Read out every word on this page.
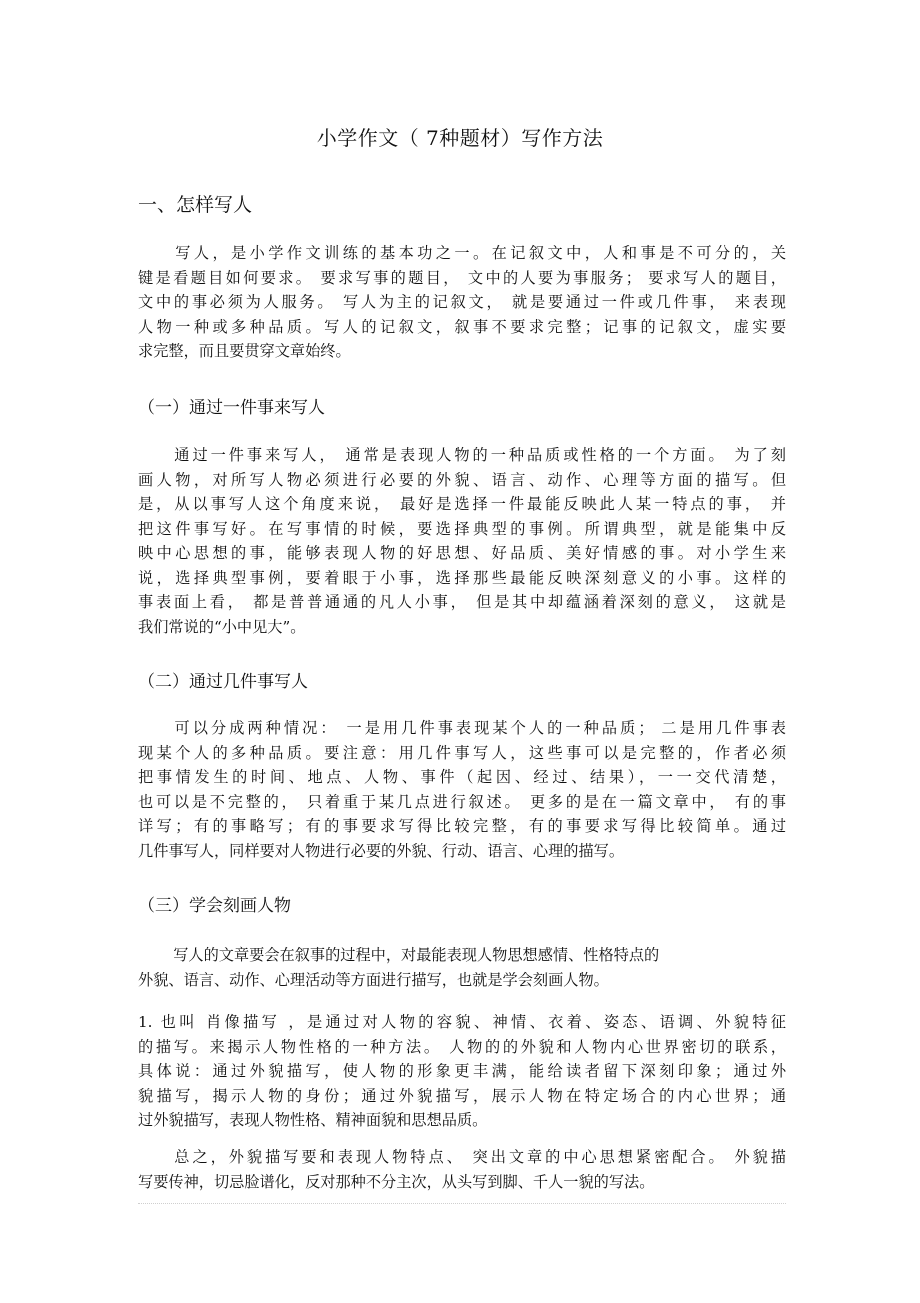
小学作文（ 7种题材）写作方法
一、怎样写人
　　写人，是小学作文训练的基本功之一。在记叙文中，人和事是不可分的，关
键是看题目如何要求。 要求写事的题目， 文中的人要为事服务； 要求写人的题目，
文中的事必须为人服务。 写人为主的记叙文， 就是要通过一件或几件事， 来表现
人物一种或多种品质。写人的记叙文，叙事不要求完整；记事的记叙文，虚实要
求完整，而且要贯穿文章始终。
（一）通过一件事来写人
　　通过一件事来写人， 通常是表现人物的一种品质或性格的一个方面。 为了刻
画人物，对所写人物必须进行必要的外貌、语言、动作、心理等方面的描写。但
是，从以事写人这个角度来说， 最好是选择一件最能反映此人某一特点的事， 并
把这件事写好。在写事情的时候，要选择典型的事例。所谓典型，就是能集中反
映中心思想的事，能够表现人物的好思想、好品质、美好情感的事。对小学生来
说，选择典型事例，要着眼于小事，选择那些最能反映深刻意义的小事。这样的
事表面上看， 都是普普通通的凡人小事， 但是其中却蕴涵着深刻的意义， 这就是
我们常说的“小中见大”。
（二）通过几件事写人
　　可以分成两种情况： 一是用几件事表现某个人的一种品质； 二是用几件事表
现某个人的多种品质。要注意：用几件事写人，这些事可以是完整的，作者必须
把事情发生的时间、地点、人物、事件（起因、经过、结果），一一交代清楚，
也可以是不完整的， 只着重于某几点进行叙述。 更多的是在一篇文章中， 有的事
详写；有的事略写；有的事要求写得比较完整，有的事要求写得比较简单。通过
几件事写人，同样要对人物进行必要的外貌、行动、语言、心理的描写。
（三）学会刻画人物
　　 写人的文章要会在叙事的过程中，对最能表现人物思想感情、性格特点的
外貌、语言、动作、心理活动等方面进行描写，也就是学会刻画人物。
1. 也叫 肖像描写 ，是通过对人物的容貌、神情、衣着、姿态、语调、外貌特征
的描写。来揭示人物性格的一种方法。 人物的的外貌和人物内心世界密切的联系，
具体说：通过外貌描写，使人物的形象更丰满，能给读者留下深刻印象；通过外
貌描写，揭示人物的身份；通过外貌描写，展示人物在特定场合的内心世界；通
过外貌描写，表现人物性格、精神面貌和思想品质。
　　总之，外貌描写要和表现人物特点、 突出文章的中心思想紧密配合。 外貌描
写要传神，切忌脸谱化，反对那种不分主次，从头写到脚、千人一貌的写法。
